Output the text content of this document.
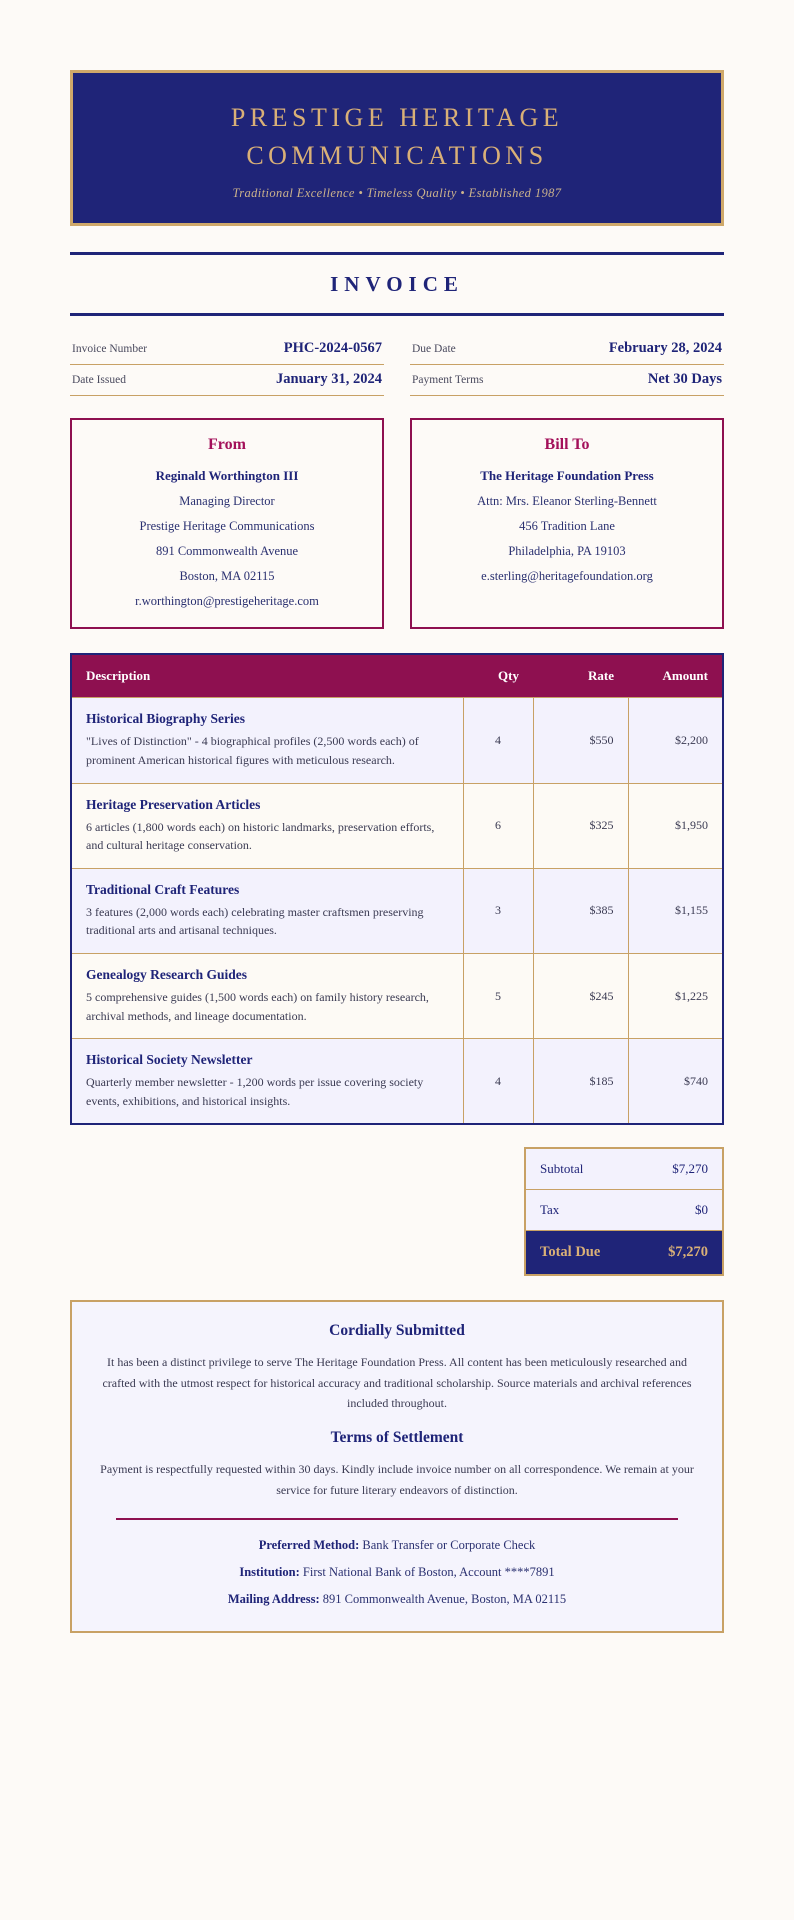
PRESTIGE HERITAGE COMMUNICATIONS
Traditional Excellence • Timeless Quality • Established 1987
INVOICE
Invoice Number	PHC-2024-0567
Date Issued	January 31, 2024
Due Date	February 28, 2024
Payment Terms	Net 30 Days
From
Reginald Worthington III
Managing Director
Prestige Heritage Communications
891 Commonwealth Avenue
Boston, MA 02115
r.worthington@prestigeheritage.com
Bill To
The Heritage Foundation Press
Attn: Mrs. Eleanor Sterling-Bennett
456 Tradition Lane
Philadelphia, PA 19103
e.sterling@heritagefoundation.org
Description	Qty	Rate	Amount

Historical Biography Series
"Lives of Distinction" - 4 biographical profiles (2,500 words each) of prominent American historical figures with meticulous research.	4	$550	$2,200

Heritage Preservation Articles
6 articles (1,800 words each) on historic landmarks, preservation efforts, and cultural heritage conservation.	6	$325	$1,950

Traditional Craft Features
3 features (2,000 words each) celebrating master craftsmen preserving traditional arts and artisanal techniques.	3	$385	$1,155

Genealogy Research Guides
5 comprehensive guides (1,500 words each) on family history research, archival methods, and lineage documentation.	5	$245	$1,225

Historical Society Newsletter
Quarterly member newsletter - 1,200 words per issue covering society events, exhibitions, and historical insights.	4	$185	$740
Subtotal	$7,270
Tax	$0
Total Due	$7,270
Cordially Submitted
It has been a distinct privilege to serve The Heritage Foundation Press. All content has been meticulously researched and crafted with the utmost respect for historical accuracy and traditional scholarship. Source materials and archival references included throughout.
Terms of Settlement
Payment is respectfully requested within 30 days. Kindly include invoice number on all correspondence. We remain at your service for future literary endeavors of distinction.
Preferred Method: Bank Transfer or Corporate Check
Institution: First National Bank of Boston, Account ****7891
Mailing Address: 891 Commonwealth Avenue, Boston, MA 02115
